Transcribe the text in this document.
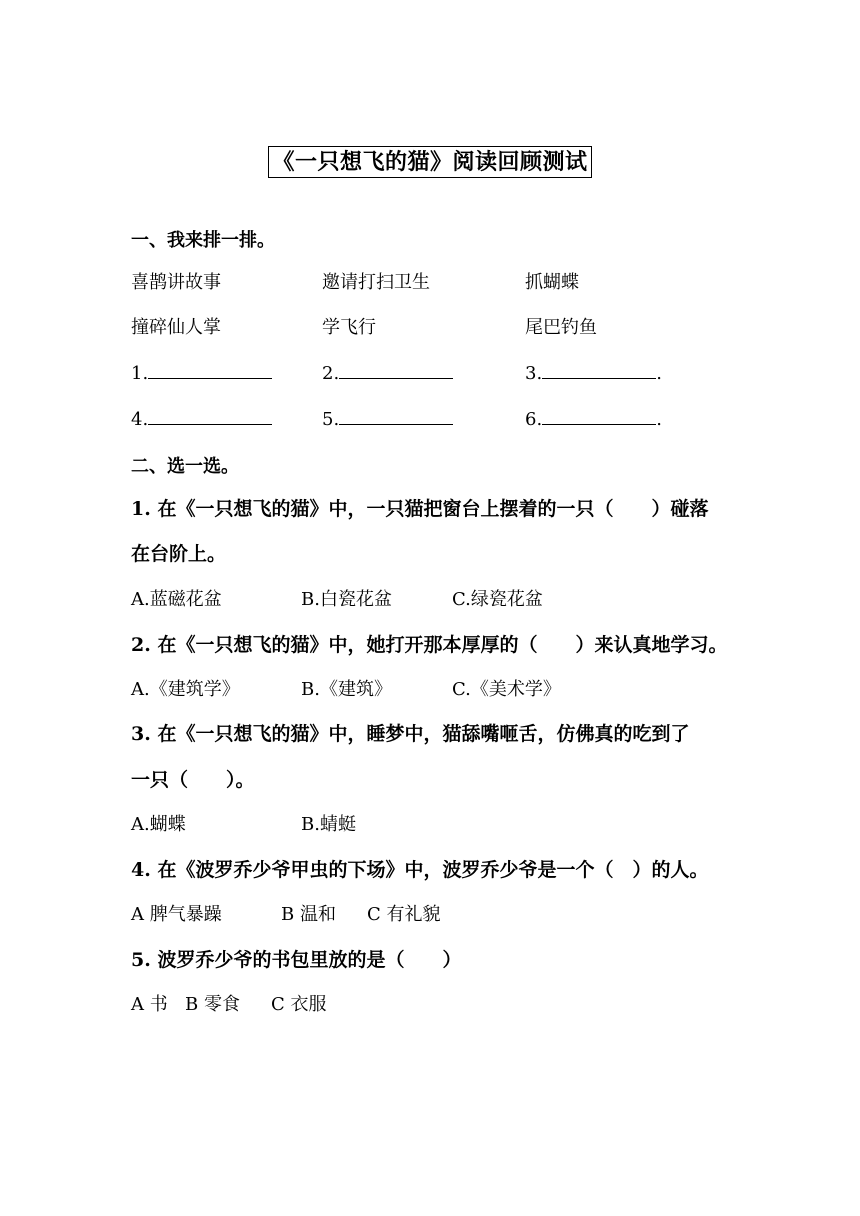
《一只想飞的猫》阅读回顾测试
一、我来排一排。
喜鹊讲故事	邀请打扫卫生	抓蝴蝶
撞碎仙人掌	学飞行	尾巴钓鱼
1.	2.	3.	.
4.	5.	6.	.
二、选一选。
1. 在《一只想飞的猫》中，一只猫把窗台上摆着的一只（　　）碰落
在台阶上。
A.蓝磁花盆	B.白瓷花盆	C.绿瓷花盆
2. 在《一只想飞的猫》中，她打开那本厚厚的（　　）来认真地学习。
A.《建筑学》	B.《建筑》	C.《美术学》
3. 在《一只想飞的猫》中，睡梦中，猫舔嘴咂舌，仿佛真的吃到了
一只（　　）。
A.蝴蝶	B.蜻蜓
4. 在《波罗乔少爷甲虫的下场》中，波罗乔少爷是一个（　）的人。
A 脾气暴躁	B 温和 C 有礼貌
5. 波罗乔少爷的书包里放的是（　　）
A 书 B 零食 C 衣服
